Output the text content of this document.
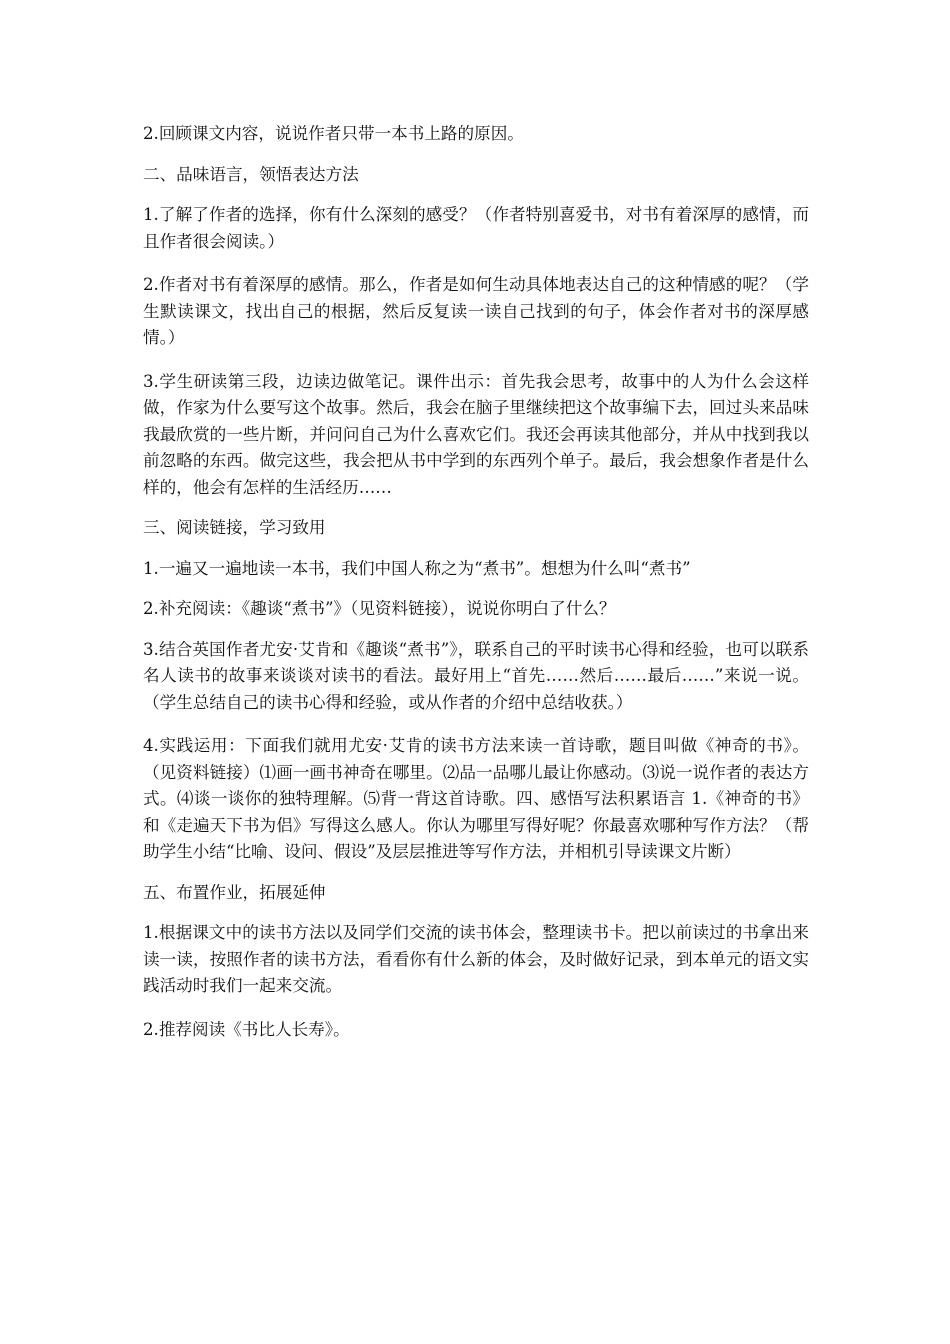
2.回顾课文内容，说说作者只带一本书上路的原因。

二、品味语言，领悟表达方法

1.了解了作者的选择，你有什么深刻的感受？（作者特别喜爱书，对书有着深厚的感情，而且作者很会阅读。）

2.作者对书有着深厚的感情。那么，作者是如何生动具体地表达自己的这种情感的呢？（学生默读课文，找出自己的根据，然后反复读一读自己找到的句子，体会作者对书的深厚感情。）

3.学生研读第三段，边读边做笔记。课件出示：首先我会思考，故事中的人为什么会这样做，作家为什么要写这个故事。然后，我会在脑子里继续把这个故事编下去，回过头来品味我最欣赏的一些片断，并问问自己为什么喜欢它们。我还会再读其他部分，并从中找到我以前忽略的东西。做完这些，我会把从书中学到的东西列个单子。最后，我会想象作者是什么样的，他会有怎样的生活经历……

三、阅读链接，学习致用

1.一遍又一遍地读一本书，我们中国人称之为“煮书”。想想为什么叫“煮书”

2.补充阅读：《趣谈“煮书”》（见资料链接），说说你明白了什么？

3.结合英国作者尤安·艾肯和《趣谈“煮书”》，联系自己的平时读书心得和经验，也可以联系名人读书的故事来谈谈对读书的看法。最好用上“首先……然后……最后……”来说一说。（学生总结自己的读书心得和经验，或从作者的介绍中总结收获。）

4.实践运用：下面我们就用尤安·艾肯的读书方法来读一首诗歌，题目叫做《神奇的书》。（见资料链接）⑴画一画书神奇在哪里。⑵品一品哪儿最让你感动。⑶说一说作者的表达方式。⑷谈一谈你的独特理解。⑸背一背这首诗歌。四、感悟写法积累语言 1.《神奇的书》和《走遍天下书为侣》写得这么感人。你认为哪里写得好呢？你最喜欢哪种写作方法？（帮助学生小结“比喻、设问、假设”及层层推进等写作方法，并相机引导读课文片断）

五、布置作业，拓展延伸

1.根据课文中的读书方法以及同学们交流的读书体会，整理读书卡。把以前读过的书拿出来读一读，按照作者的读书方法，看看你有什么新的体会，及时做好记录，到本单元的语文实践活动时我们一起来交流。

2.推荐阅读《书比人长寿》。
